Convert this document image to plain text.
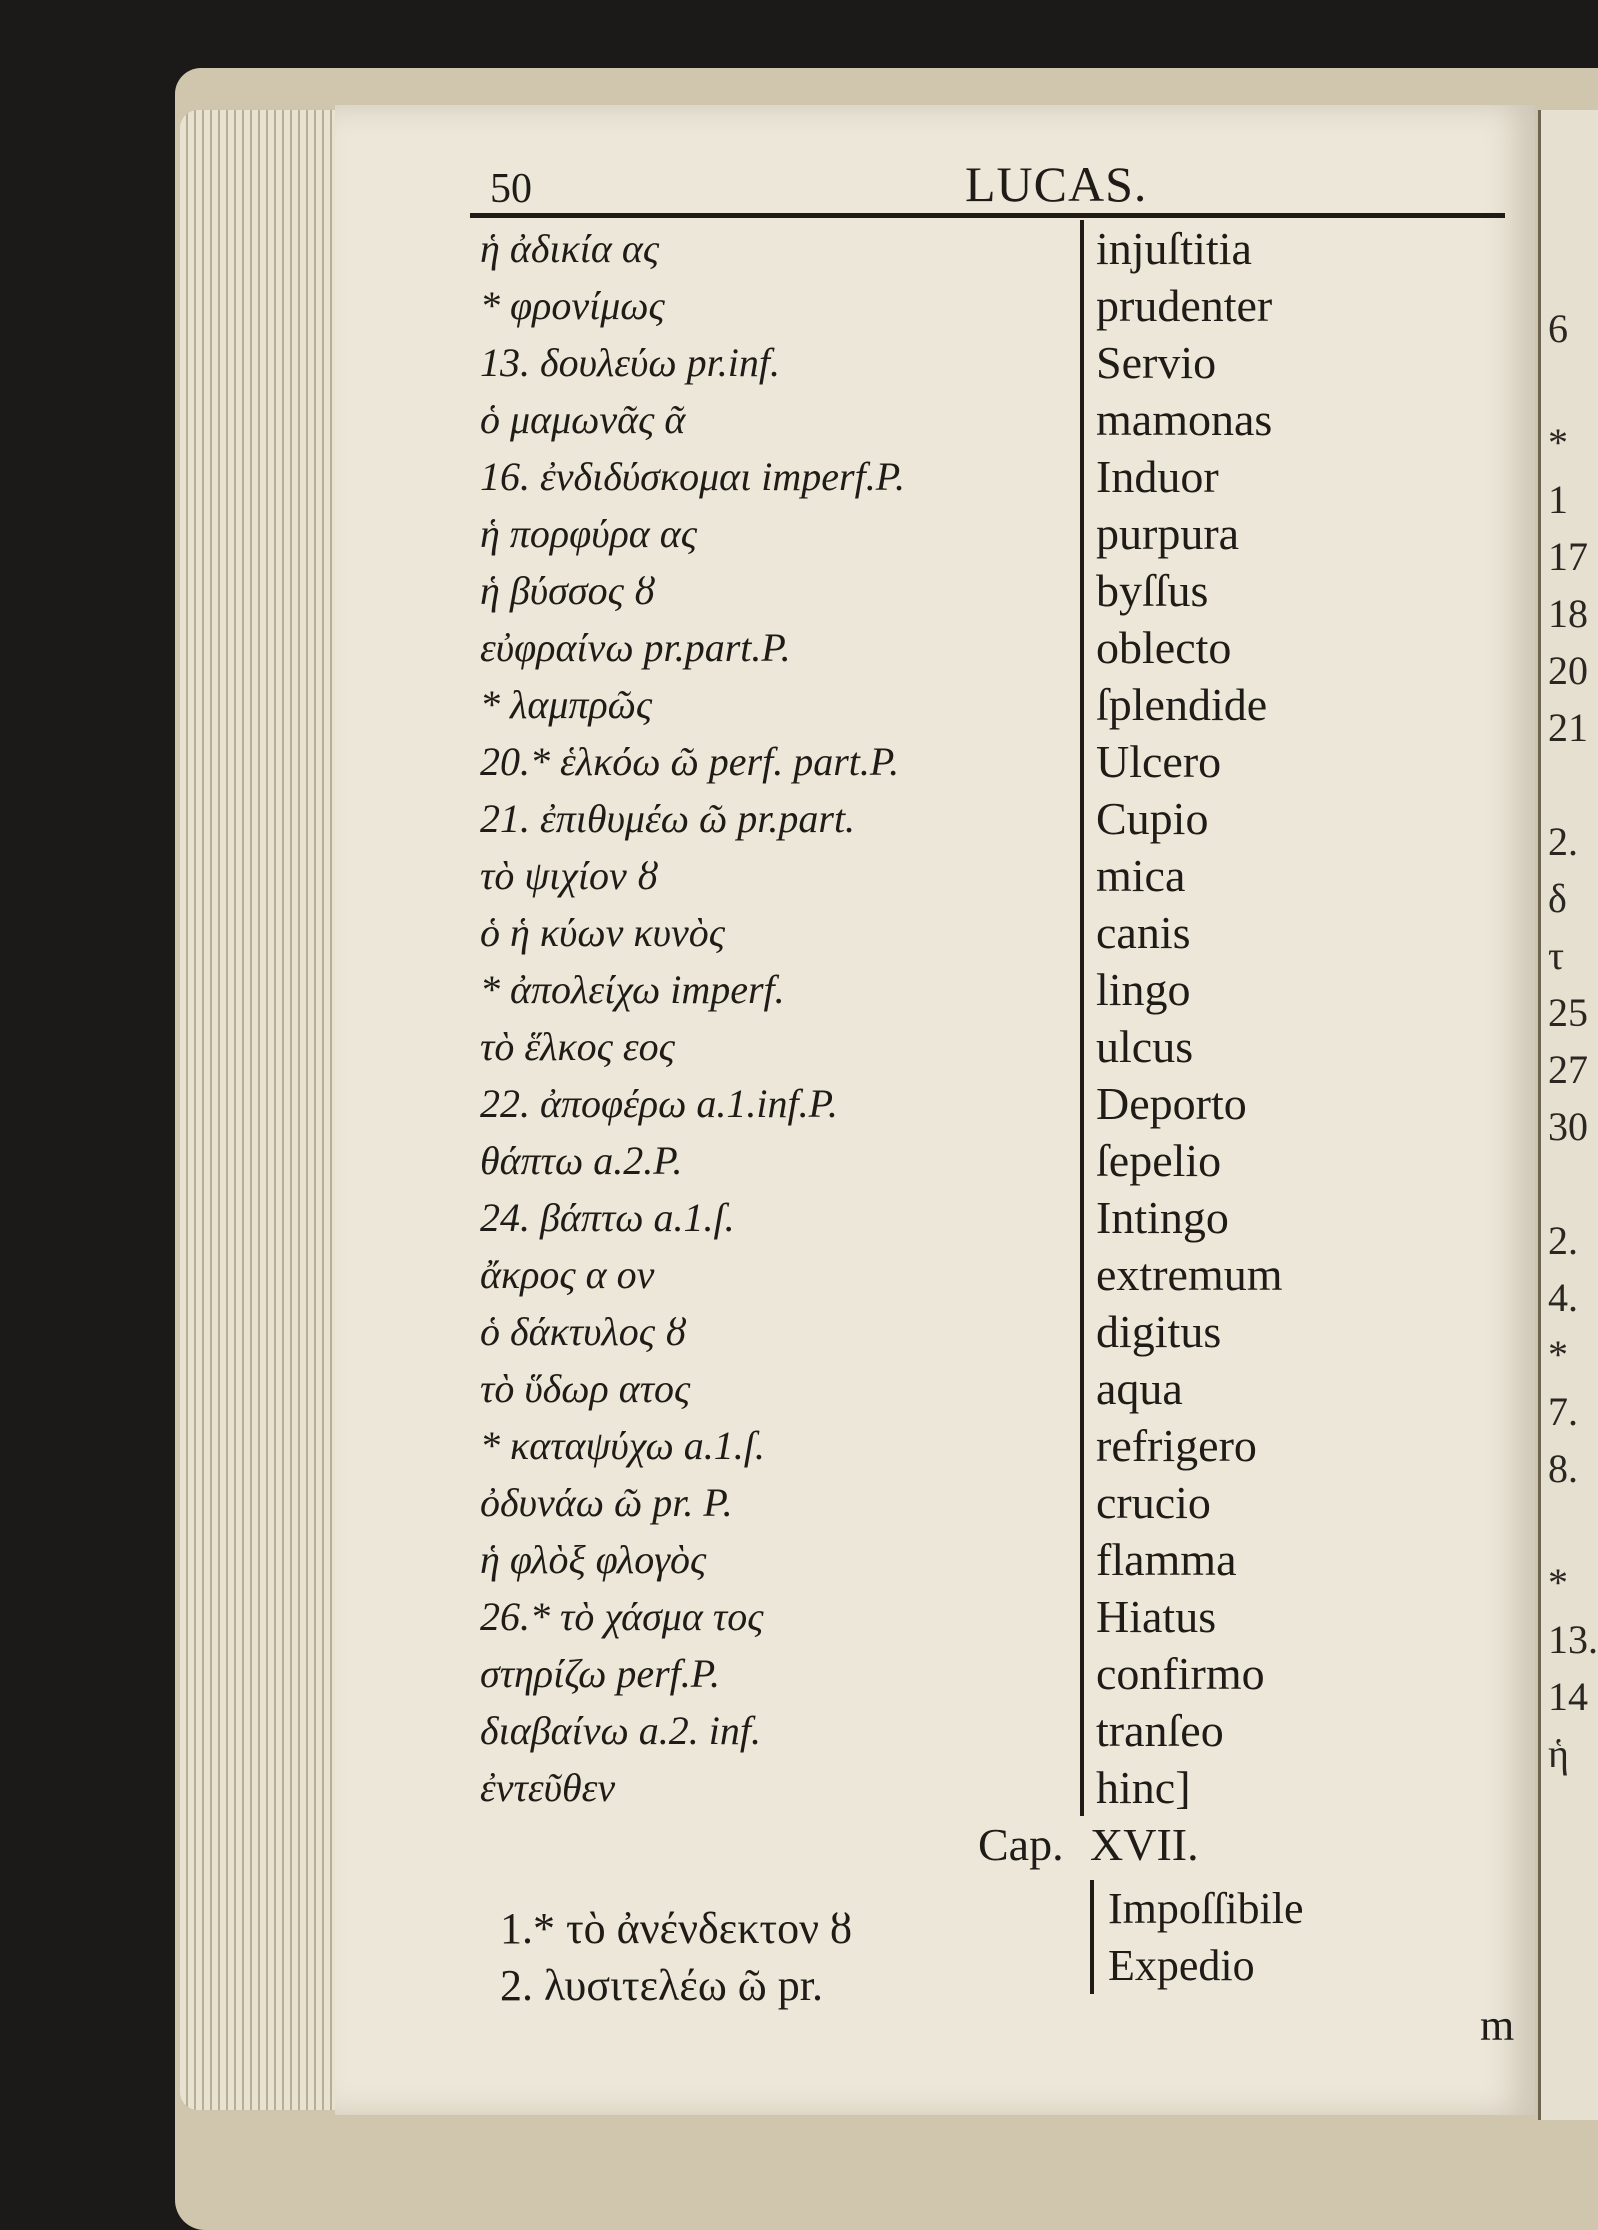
6
*
1
17
18
20
21
2.
δ
τ
25
27
30
2.
4.
*
7.
8.
*
13.
14
ἡ
50	LUCAS.
ἡ ἀδικία ας
* φρονίμως
13. δουλεύω pr.inf.
ὁ μαμωνᾶς ᾶ
16. ἐνδιδύσκομαι imperf.P.
ἡ πορφύρα ας
ἡ βύσσος ȣ
εὐφραίνω pr.part.P.
* λαμπρῶς
20.* ἑλκόω ῶ perf. part.P.
21. ἐπιθυμέω ῶ pr.part.
τὸ ψιχίον ȣ
ὁ ἡ κύων κυνὸς
* ἀπολείχω imperf.
τὸ ἕλκος εος
22. ἀποφέρω a.1.inf.P.
θάπτω a.2.P.
24. βάπτω a.1.ſ.
ἄκρος α ον
ὁ δάκτυλος ȣ
τὸ ὕδωρ ατος
* καταψύχω a.1.ſ.
ὀδυνάω ῶ pr. P.
ἡ φλὸξ φλογὸς
26.* τὸ χάσμα τος
στηρίζω perf.P.
διαβαίνω a.2. inf.
ἐντεῦθεν
injuſtitia
prudenter
Servio
mamonas
Induor
purpura
byſſus
oblecto
ſplendide
Ulcero
Cupio
mica
canis
lingo
ulcus
Deporto
ſepelio
Intingo
extremum
digitus
aqua
refrigero
crucio
flamma
Hiatus
confirmo
tranſeo
hinc]
Cap. XVII.
1.* τὸ ἀνένδεκτον ȣ
2. λυσιτελέω ῶ pr.
Impoſſibile
Expedio
m
